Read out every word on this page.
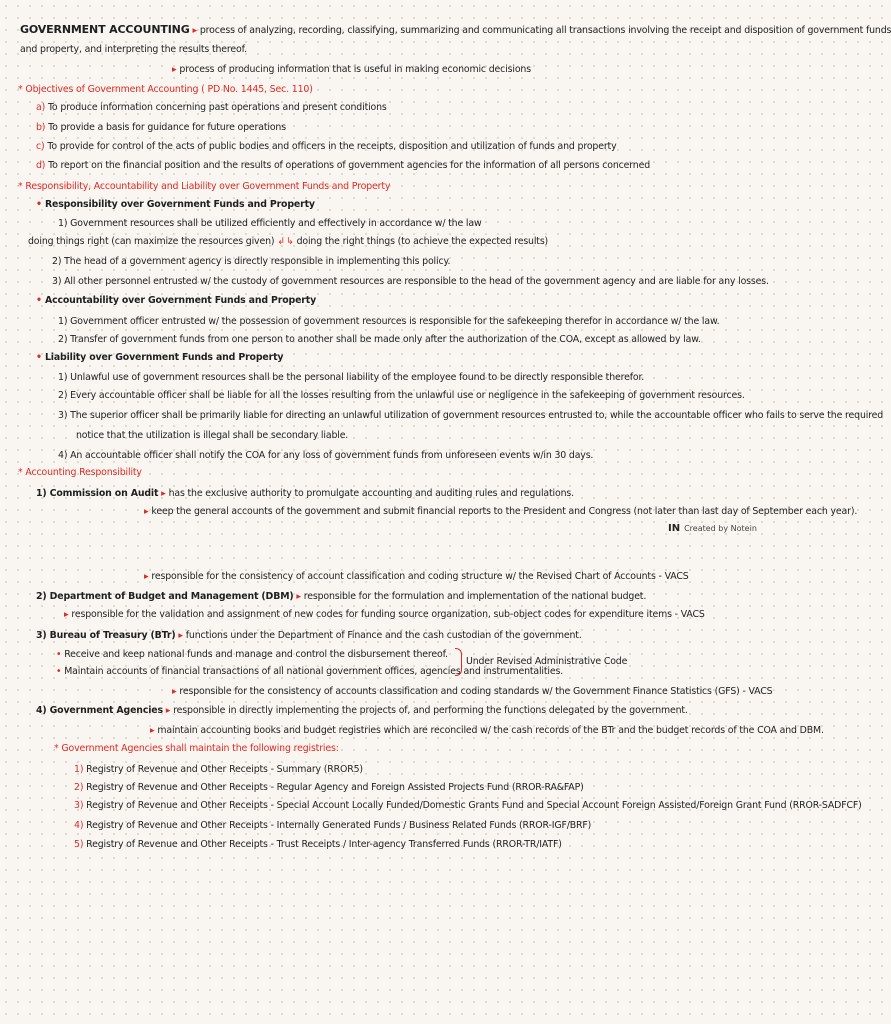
GOVERNMENT ACCOUNTING ▸ process of analyzing, recording, classifying, summarizing and communicating all transactions involving the receipt and disposition of government funds
and property, and interpreting the results thereof.
▸ process of producing information that is useful in making economic decisions
* Objectives of Government Accounting ( PD No. 1445, Sec. 110)
a) To produce information concerning past operations and present conditions
b) To provide a basis for guidance for future operations
c) To provide for control of the acts of public bodies and officers in the receipts, disposition and utilization of funds and property
d) To report on the financial position and the results of operations of government agencies for the information of all persons concerned
* Responsibility, Accountability and Liability over Government Funds and Property
• Responsibility over Government Funds and Property
1) Government resources shall be utilized efficiently and effectively in accordance w/ the law
doing things right (can maximize the resources given) ↲ ↳ doing the right things (to achieve the expected results)
2) The head of a government agency is directly responsible in implementing this policy.
3) All other personnel entrusted w/ the custody of government resources are responsible to the head of the government agency and are liable for any losses.
• Accountability over Government Funds and Property
1) Government officer entrusted w/ the possession of government resources is responsible for the safekeeping therefor in accordance w/ the law.
2) Transfer of government funds from one person to another shall be made only after the authorization of the COA, except as allowed by law.
• Liability over Government Funds and Property
1) Unlawful use of government resources shall be the personal liability of the employee found to be directly responsible therefor.
2) Every accountable officer shall be liable for all the losses resulting from the unlawful use or negligence in the safekeeping of government resources.
3) The superior officer shall be primarily liable for directing an unlawful utilization of government resources entrusted to, while the accountable officer who fails to serve the required
notice that the utilization is illegal shall be secondary liable.
4) An accountable officer shall notify the COA for any loss of government funds from unforeseen events w/in 30 days.
* Accounting Responsibility
1) Commission on Audit ▸ has the exclusive authority to promulgate accounting and auditing rules and regulations.
▸ keep the general accounts of the government and submit financial reports to the President and Congress (not later than last day of September each year).
IN Created by Notein
▸ responsible for the consistency of account classification and coding structure w/ the Revised Chart of Accounts - VACS
2) Department of Budget and Management (DBM) ▸ responsible for the formulation and implementation of the national budget.
▸ responsible for the validation and assignment of new codes for funding source organization, sub-object codes for expenditure items - VACS
3) Bureau of Treasury (BTr) ▸ functions under the Department of Finance and the cash custodian of the government.
• Receive and keep national funds and manage and control the disbursement thereof.
• Maintain accounts of financial transactions of all national government offices, agencies and instrumentalities.
Under Revised Administrative Code
▸ responsible for the consistency of accounts classification and coding standards w/ the Government Finance Statistics (GFS) - VACS
4) Government Agencies ▸ responsible in directly implementing the projects of, and performing the functions delegated by the government.
▸ maintain accounting books and budget registries which are reconciled w/ the cash records of the BTr and the budget records of the COA and DBM.
* Government Agencies shall maintain the following registries:
1) Registry of Revenue and Other Receipts - Summary (RROR5)
2) Registry of Revenue and Other Receipts - Regular Agency and Foreign Assisted Projects Fund (RROR-RA&FAP)
3) Registry of Revenue and Other Receipts - Special Account Locally Funded/Domestic Grants Fund and Special Account Foreign Assisted/Foreign Grant Fund (RROR-SADFCF)
4) Registry of Revenue and Other Receipts - Internally Generated Funds / Business Related Funds (RROR-IGF/BRF)
5) Registry of Revenue and Other Receipts - Trust Receipts / Inter-agency Transferred Funds (RROR-TR/IATF)
